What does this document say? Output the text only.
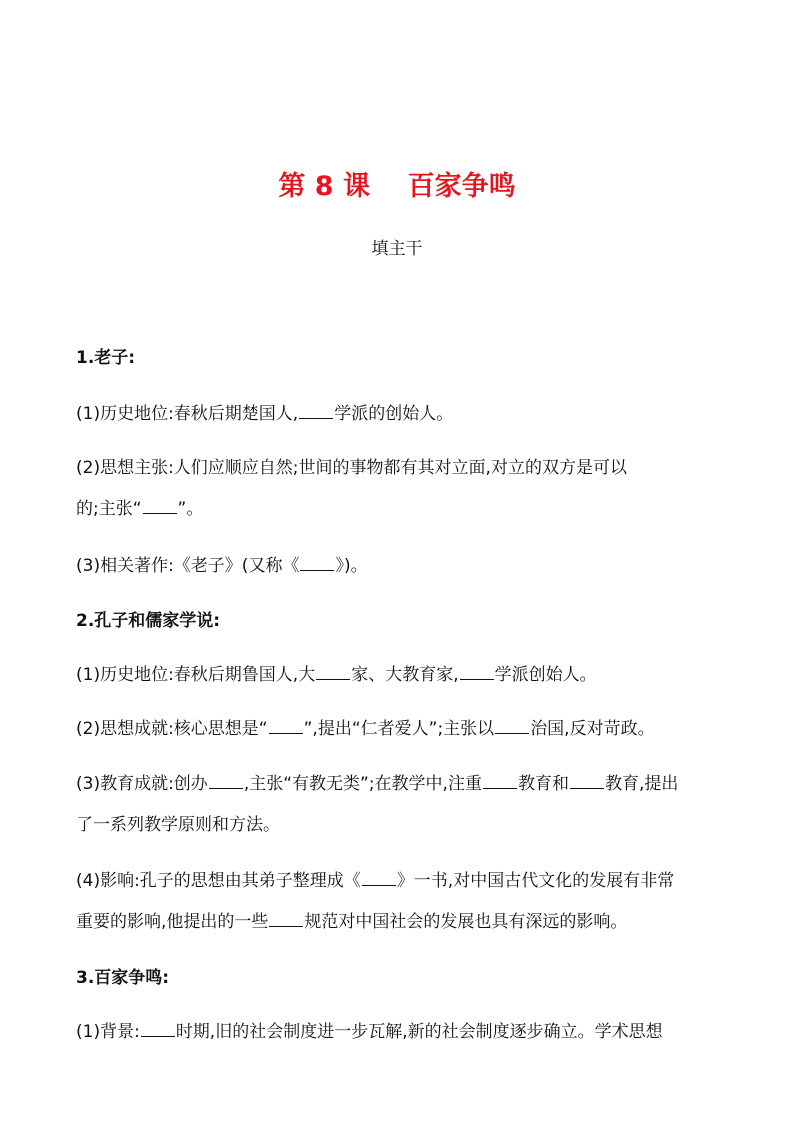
第 8 课    百家争鸣
填主干
1.老子:
(1)历史地位:春秋后期楚国人, 学派的创始人。
(2)思想主张:人们应顺应自然;世间的事物都有其对立面,对立的双方是可以
的;主张“ ”。
(3)相关著作:《老子》(又称《 》)。
2.孔子和儒家学说:
(1)历史地位:春秋后期鲁国人,大 家、大教育家, 学派创始人。
(2)思想成就:核心思想是“ ”,提出“仁者爱人”;主张以 治国,反对苛政。
(3)教育成就:创办 ,主张“有教无类”;在教学中,注重 教育和 教育,提出
了一系列教学原则和方法。
(4)影响:孔子的思想由其弟子整理成《 》一书,对中国古代文化的发展有非常
重要的影响,他提出的一些 规范对中国社会的发展也具有深远的影响。
3.百家争鸣:
(1)背景: 时期,旧的社会制度进一步瓦解,新的社会制度逐步确立。学术思想
